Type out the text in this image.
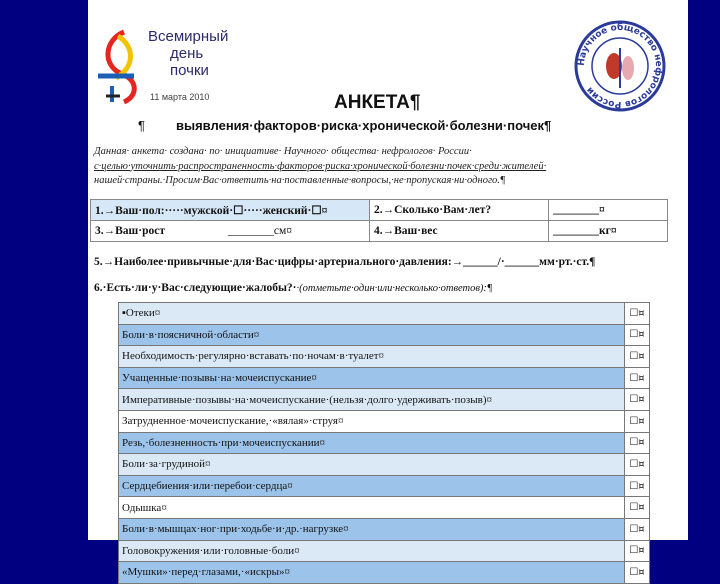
Всемирный
день
почки
11 марта 2010
Научное общество нефрологов России
АНКЕТА¶
¶ выявления·факторов·риска·хронической·болезни·почек¶
Данная· анкета· создана· по· инициативе· Научного· общества· нефрологов· России·
с·целью·уточнить·распространенность·факторов·риска·хронической·болезни·почек·среди·жителей·
нашей·страны.·Просим·Вас·ответить·на·поставленные·вопросы,·не·пропуская·ни·одного.¶
1.→Ваш·пол:·····мужской·☐·····женский·☐¤	2.→Сколько·Вам·лет?	________¤
3.→Ваш·рост ________см¤	4.→Ваш·вес	________кг¤
5.→Наиболее·привычные·для·Вас·цифры·артериального·давления:→______/·______мм·рт.·ст.¶
6.·Есть·ли·у·Вас·следующие·жалобы?··(отметьте·один·или·несколько·ответов):¶
▪Отеки¤	☐¤
Боли·в·поясничной·области¤	☐¤
Необходимость·регулярно·вставать·по·ночам·в·туалет¤	☐¤
Учащенные·позывы·на·мочеиспускание¤	☐¤
Императивные·позывы·на·мочеиспускание·(нельзя·долго·удерживать·позыв)¤	☐¤
Затрудненное·мочеиспускание,·«вялая»·струя¤	☐¤
Резь,·болезненность·при·мочеиспускании¤	☐¤
Боли·за·грудиной¤	☐¤
Сердцебиения·или·перебои·сердца¤	☐¤
Одышка¤	☐¤
Боли·в·мышцах·ног·при·ходьбе·и·др.·нагрузке¤	☐¤
Головокружения·или·головные·боли¤	☐¤
«Мушки»·перед·глазами,·«искры»¤	☐¤
